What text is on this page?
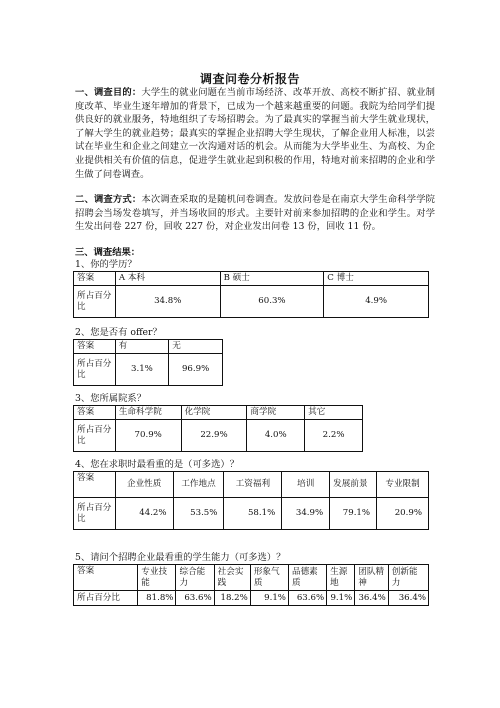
调查问卷分析报告

一、调查目的：大学生的就业问题在当前市场经济、改革开放、高校不断扩招、就业制度改革、毕业生逐年增加的背景下，已成为一个越来越重要的问题。我院为给同学们提供良好的就业服务，特地组织了专场招聘会。为了最真实的掌握当前大学生就业现状，了解大学生的就业趋势；最真实的掌握企业招聘大学生现状，了解企业用人标准，以尝试在毕业生和企业之间建立一次沟通对话的机会。从而能为大学毕业生、为高校、为企业提供相关有价值的信息，促进学生就业起到积极的作用，特地对前来招聘的企业和学生做了问卷调查。

二、调查方式：本次调查采取的是随机问卷调查。发放问卷是在南京大学生命科学学院招聘会当场发卷填写，并当场收回的形式。主要针对前来参加招聘的企业和学生。对学生发出问卷 227 份，回收 227 份，对企业发出问卷 13 份，回收 11 份。

三、调查结果：
1、你的学历？
答案	A 本科	B 硕士	C 博士
所占百分比	34.8%	60.3%	4.9%
2、您是否有 offer？
答案	有	无
所占百分比	3.1%	96.9%
3、您所属院系？
答案	生命科学院	化学院	商学院	其它
所占百分比	70.9%	22.9%	4.0%	2.2%
4、您在求职时最看重的是（可多选）？
答案	企业性质	工作地点	工资福利	培训	发展前景	专业限制
所占百分比	44.2%	53.5%	58.1%	34.9%	79.1%	20.9%
5、请问个招聘企业最看重的学生能力（可多选）？
答案	专业技能	综合能力	社会实践	形象气质	品德素质	生源地	团队精神	创新能力
所占百分比	81.8%	63.6%	18.2%	9.1%	63.6%	9.1%	36.4%	36.4%
